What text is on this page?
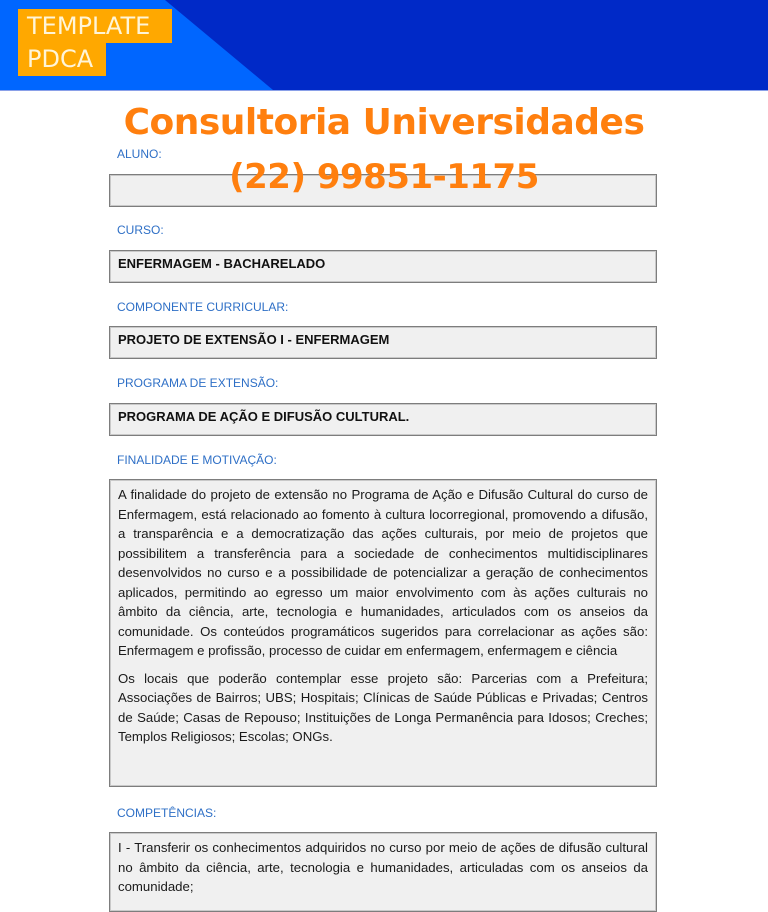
TEMPLATE
PDCA
Consultoria Universidades
(22) 99851-1175
ALUNO:
CURSO:
ENFERMAGEM - BACHARELADO
COMPONENTE CURRICULAR:
PROJETO DE EXTENSÃO I - ENFERMAGEM
PROGRAMA DE EXTENSÃO:
PROGRAMA DE AÇÃO E DIFUSÃO CULTURAL.
FINALIDADE E MOTIVAÇÃO:

A finalidade do projeto de extensão no Programa de Ação e Difusão Cultural do curso de Enfermagem, está relacionado ao fomento à cultura locorregional, promovendo a difusão, a transparência e a democratização das ações culturais, por meio de projetos que possibilitem a transferência para a sociedade de conhecimentos multidisciplinares desenvolvidos no curso e a possibilidade de potencializar a geração de conhecimentos aplicados, permitindo ao egresso um maior envolvimento com às ações culturais no âmbito da ciência, arte, tecnologia e humanidades, articulados com os anseios da comunidade. Os conteúdos programáticos sugeridos para correlacionar as ações são: Enfermagem e profissão, processo de cuidar em enfermagem, enfermagem e ciência

Os locais que poderão contemplar esse projeto são: Parcerias com a Prefeitura; Associações de Bairros; UBS; Hospitais; Clínicas de Saúde Públicas e Privadas; Centros de Saúde; Casas de Repouso; Instituições de Longa Permanência para Idosos; Creches; Templos Religiosos; Escolas; ONGs.

COMPETÊNCIAS:

I - Transferir os conhecimentos adquiridos no curso por meio de ações de difusão cultural no âmbito da ciência, arte, tecnologia e humanidades, articuladas com os anseios da comunidade;
